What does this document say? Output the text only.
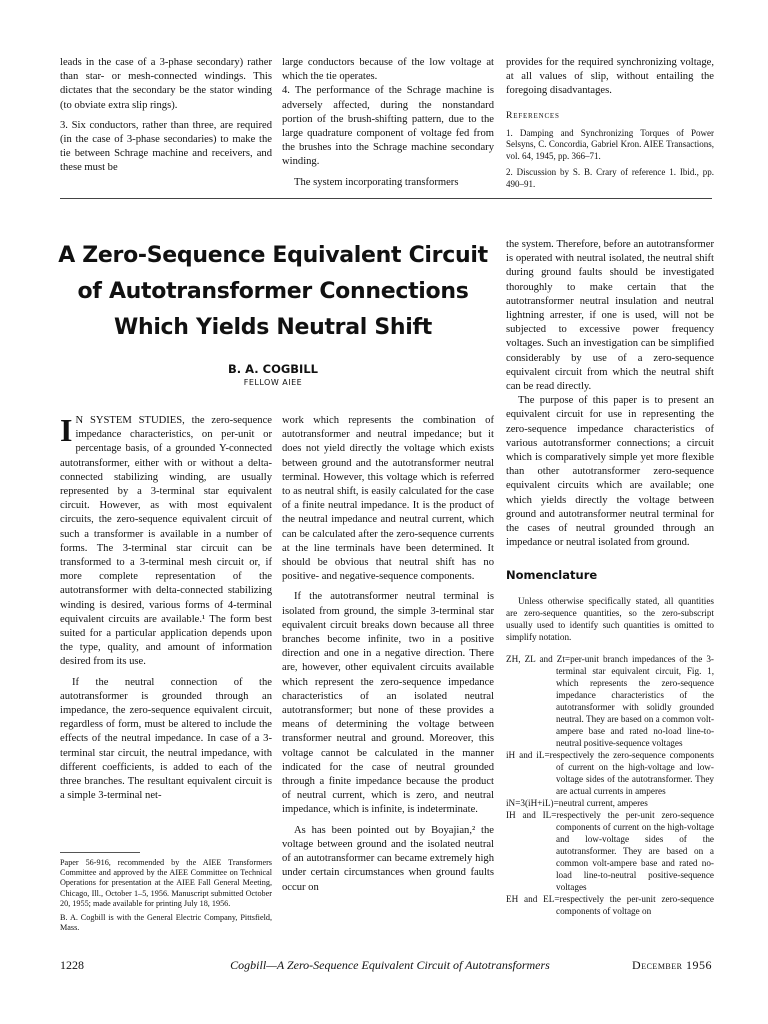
leads in the case of a 3-phase secondary) rather than star- or mesh-connected windings. This dictates that the secondary be the stator winding (to obviate extra slip rings).

3. Six conductors, rather than three, are required (in the case of 3-phase secondaries) to make the tie between Schrage machine and receivers, and these must be

large conductors because of the low voltage at which the tie operates.

4. The performance of the Schrage machine is adversely affected, during the nonstandard portion of the brush-shifting pattern, due to the large quadrature component of voltage fed from the brushes into the Schrage machine secondary winding.

The system incorporating transformers

provides for the required synchronizing voltage, at all values of slip, without entailing the foregoing disadvantages.

References

1. Damping and Synchronizing Torques of Power Selsyns, C. Concordia, Gabriel Kron. AIEE Transactions, vol. 64, 1945, pp. 366–71.

2. Discussion by S. B. Crary of reference 1. Ibid., pp. 490–91.

A Zero-Sequence Equivalent Circuit of Autotransformer Connections Which Yields Neutral Shift
B. A. COGBILL
FELLOW AIEE

I N SYSTEM STUDIES, the zero-sequence impedance characteristics, on per-unit or percentage basis, of a grounded Y-connected autotransformer, either with or without a delta-connected stabilizing winding, are usually represented by a 3-terminal star equivalent circuit. However, as with most equivalent circuits, the zero-sequence equivalent circuit of such a transformer is available in a number of forms. The 3-terminal star circuit can be transformed to a 3-terminal mesh circuit or, if more complete representation of the autotransformer with delta-connected stabilizing winding is desired, various forms of 4-terminal equivalent circuits are available.¹ The form best suited for a particular application depends upon the type, quality, and amount of information desired from its use.

If the neutral connection of the autotransformer is grounded through an impedance, the zero-sequence equivalent circuit, regardless of form, must be altered to include the effects of the neutral impedance. In case of a 3-terminal star circuit, the neutral impedance, with different coefficients, is added to each of the three branches. The resultant equivalent circuit is a simple 3-terminal net-

work which represents the combination of autotransformer and neutral impedance; but it does not yield directly the voltage which exists between ground and the autotransformer neutral terminal. However, this voltage which is referred to as neutral shift, is easily calculated for the case of a finite neutral impedance. It is the product of the neutral impedance and neutral current, which can be calculated after the zero-sequence currents at the line terminals have been determined. It should be obvious that neutral shift has no positive- and negative-sequence components.

If the autotransformer neutral terminal is isolated from ground, the simple 3-terminal star equivalent circuit breaks down because all three branches become infinite, two in a positive direction and one in a negative direction. There are, however, other equivalent circuits available which represent the zero-sequence impedance characteristics of an isolated neutral autotransformer; but none of these provides a means of determining the voltage between transformer neutral and ground. Moreover, this voltage cannot be calculated in the manner indicated for the case of neutral grounded through a finite impedance because the product of neutral current, which is zero, and neutral impedance, which is infinite, is indeterminate.

As has been pointed out by Boyajian,² the voltage between ground and the isolated neutral of an autotransformer can became extremely high under certain circumstances when ground faults occur on

the system. Therefore, before an autotransformer is operated with neutral isolated, the neutral shift during ground faults should be investigated thoroughly to make certain that the autotransformer neutral insulation and neutral lightning arrester, if one is used, will not be subjected to excessive power frequency voltages. Such an investigation can be simplified considerably by use of a zero-sequence equivalent circuit from which the neutral shift can be read directly.

The purpose of this paper is to present an equivalent circuit for use in representing the zero-sequence impedance characteristics of various autotransformer connections; a circuit which is comparatively simple yet more flexible than other autotransformer zero-sequence equivalent circuits which are available; one which yields directly the voltage between ground and autotransformer neutral terminal for the cases of neutral grounded through an impedance or neutral isolated from ground.

Nomenclature

Unless otherwise specifically stated, all quantities are zero-sequence quantities, so the zero-subscript usually used to identify such quantities is omitted to simplify notation.

ZH, ZL and Zt=per-unit branch impedances of the 3-terminal star equivalent circuit, Fig. 1, which represents the zero-sequence impedance characteristics of the autotransformer with solidly grounded neutral. They are based on a common volt-ampere base and rated no-load line-to-neutral positive-sequence voltages

iH and iL=respectively the zero-sequence components of current on the high-voltage and low-voltage sides of the autotransformer. They are actual currents in amperes

iN=3(iH+iL)=neutral current, amperes

IH and IL=respectively the per-unit zero-sequence components of current on the high-voltage and low-voltage sides of the autotransformer. They are based on a common volt-ampere base and rated no-load line-to-neutral positive-sequence voltages

EH and EL=respectively the per-unit zero-sequence components of voltage on

Paper 56-916, recommended by the AIEE Transformers Committee and approved by the AIEE Committee on Technical Operations for presentation at the AIEE Fall General Meeting, Chicago, Ill., October 1–5, 1956. Manuscript submitted October 20, 1955; made available for printing July 18, 1956.

B. A. Cogbill is with the General Electric Company, Pittsfield, Mass.

1228	Cogbill—A Zero-Sequence Equivalent Circuit of Autotransformers	December 1956
